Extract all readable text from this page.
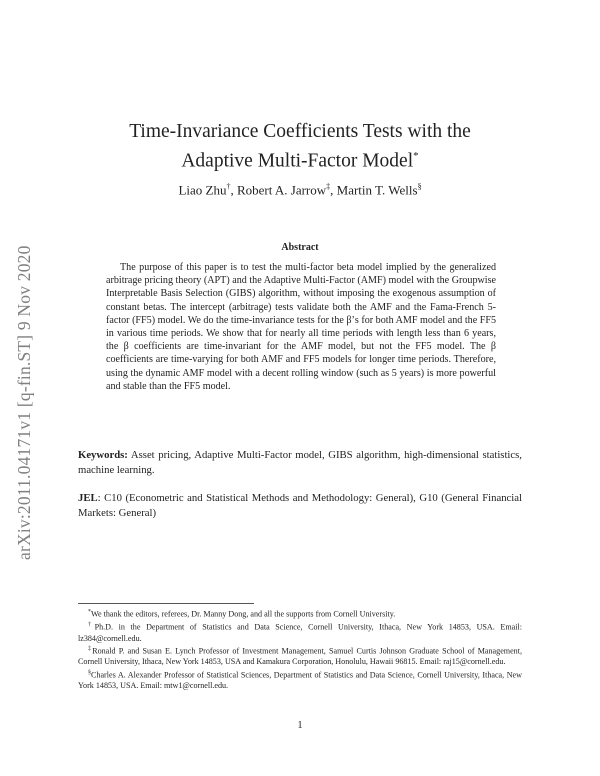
arXiv:2011.04171v1 [q-fin.ST] 9 Nov 2020
Time-Invariance Coefficients Tests with the
Adaptive Multi-Factor Model*
Liao Zhu†, Robert A. Jarrow‡, Martin T. Wells§
Abstract
The purpose of this paper is to test the multi-factor beta model implied by the generalized arbitrage pricing theory (APT) and the Adaptive Multi-Factor (AMF) model with the Groupwise Interpretable Basis Selection (GIBS) algorithm, without imposing the exogenous assumption of constant betas. The intercept (arbitrage) tests validate both the AMF and the Fama-French 5-factor (FF5) model. We do the time-invariance tests for the β’s for both AMF model and the FF5 in various time periods. We show that for nearly all time periods with length less than 6 years, the β coefficients are time-invariant for the AMF model, but not the FF5 model. The β coefficients are time-varying for both AMF and FF5 models for longer time periods. Therefore, using the dynamic AMF model with a decent rolling window (such as 5 years) is more powerful and stable than the FF5 model.
Keywords: Asset pricing, Adaptive Multi-Factor model, GIBS algorithm, high-dimensional statistics, machine learning.
JEL: C10 (Econometric and Statistical Methods and Methodology: General), G10 (General Financial Markets: General)

*We thank the editors, referees, Dr. Manny Dong, and all the supports from Cornell University.

†Ph.D. in the Department of Statistics and Data Science, Cornell University, Ithaca, New York 14853, USA. Email: lz384@cornell.edu.

‡Ronald P. and Susan E. Lynch Professor of Investment Management, Samuel Curtis Johnson Graduate School of Management, Cornell University, Ithaca, New York 14853, USA and Kamakura Corporation, Honolulu, Hawaii 96815. Email: raj15@cornell.edu.

§Charles A. Alexander Professor of Statistical Sciences, Department of Statistics and Data Science, Cornell University, Ithaca, New York 14853, USA. Email: mtw1@cornell.edu.

1
